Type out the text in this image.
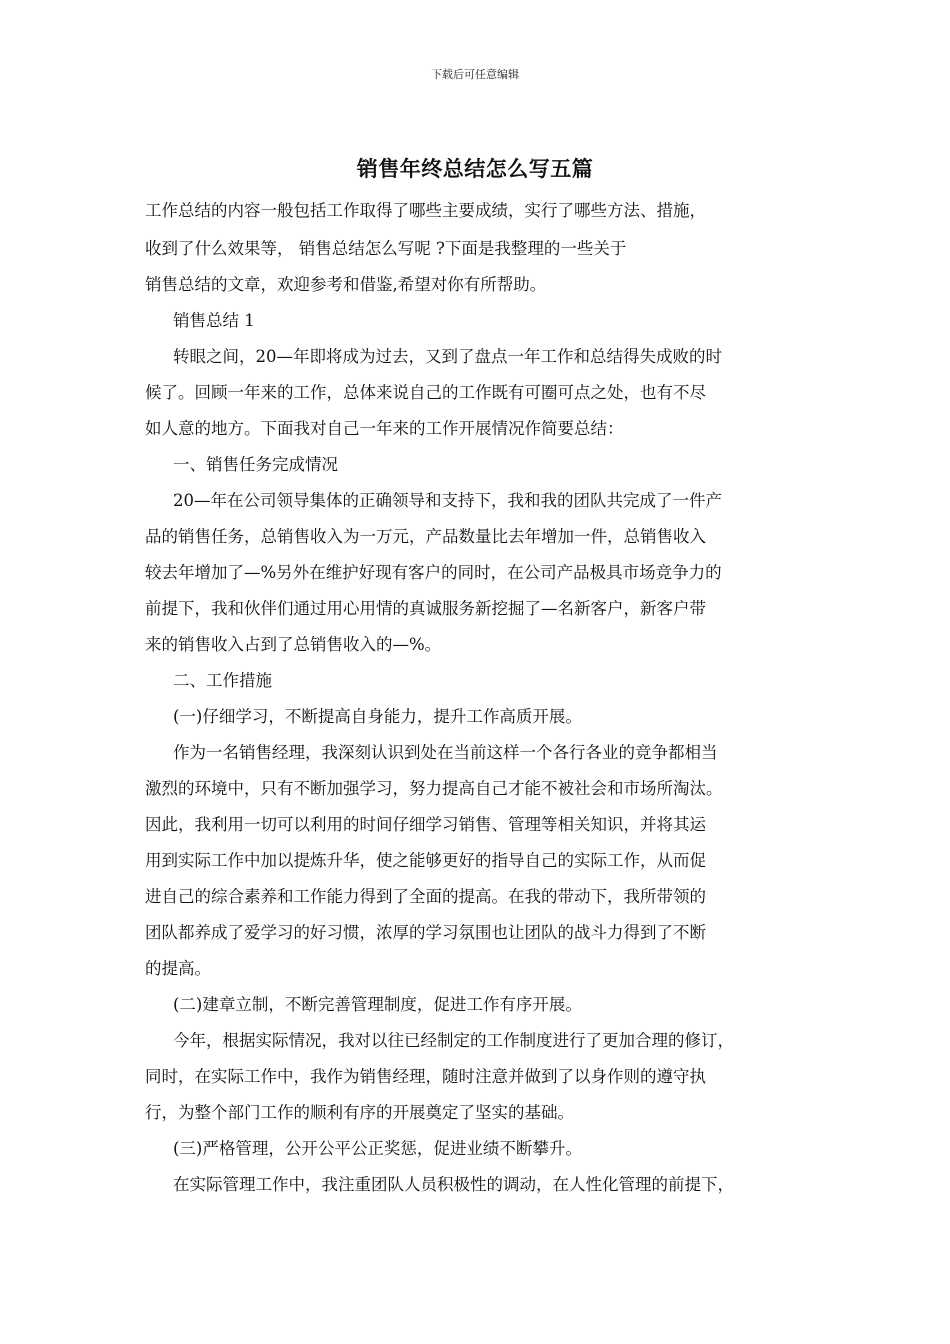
下载后可任意编辑
销售年终总结怎么写五篇
工作总结的内容一般包括工作取得了哪些主要成绩，实行了哪些方法、措施，
收到了什么效果等， 销售总结怎么写呢 ?下面是我整理的一些关于
销售总结的文章，欢迎参考和借鉴,希望对你有所帮助。
销售总结 1
转眼之间，20—年即将成为过去，又到了盘点一年工作和总结得失成败的时
候了。回顾一年来的工作，总体来说自己的工作既有可圈可点之处，也有不尽
如人意的地方。下面我对自己一年来的工作开展情况作简要总结：
一、销售任务完成情况
20—年在公司领导集体的正确领导和支持下，我和我的团队共完成了一件产
品的销售任务，总销售收入为一万元，产品数量比去年增加一件，总销售收入
较去年增加了—%另外在维护好现有客户的同时，在公司产品极具市场竞争力的
前提下，我和伙伴们通过用心用情的真诚服务新挖掘了—名新客户，新客户带
来的销售收入占到了总销售收入的—%。
二、工作措施
(一)仔细学习，不断提高自身能力，提升工作高质开展。
作为一名销售经理，我深刻认识到处在当前这样一个各行各业的竞争都相当
激烈的环境中，只有不断加强学习，努力提高自己才能不被社会和市场所淘汰。
因此，我利用一切可以利用的时间仔细学习销售、管理等相关知识，并将其运
用到实际工作中加以提炼升华，使之能够更好的指导自己的实际工作，从而促
进自己的综合素养和工作能力得到了全面的提高。在我的带动下，我所带领的
团队都养成了爱学习的好习惯，浓厚的学习氛围也让团队的战斗力得到了不断
的提高。
(二)建章立制，不断完善管理制度，促进工作有序开展。
今年，根据实际情况，我对以往已经制定的工作制度进行了更加合理的修订，
同时，在实际工作中，我作为销售经理，随时注意并做到了以身作则的遵守执
行，为整个部门工作的顺利有序的开展奠定了坚实的基础。
(三)严格管理，公开公平公正奖惩，促进业绩不断攀升。
在实际管理工作中，我注重团队人员积极性的调动，在人性化管理的前提下，
